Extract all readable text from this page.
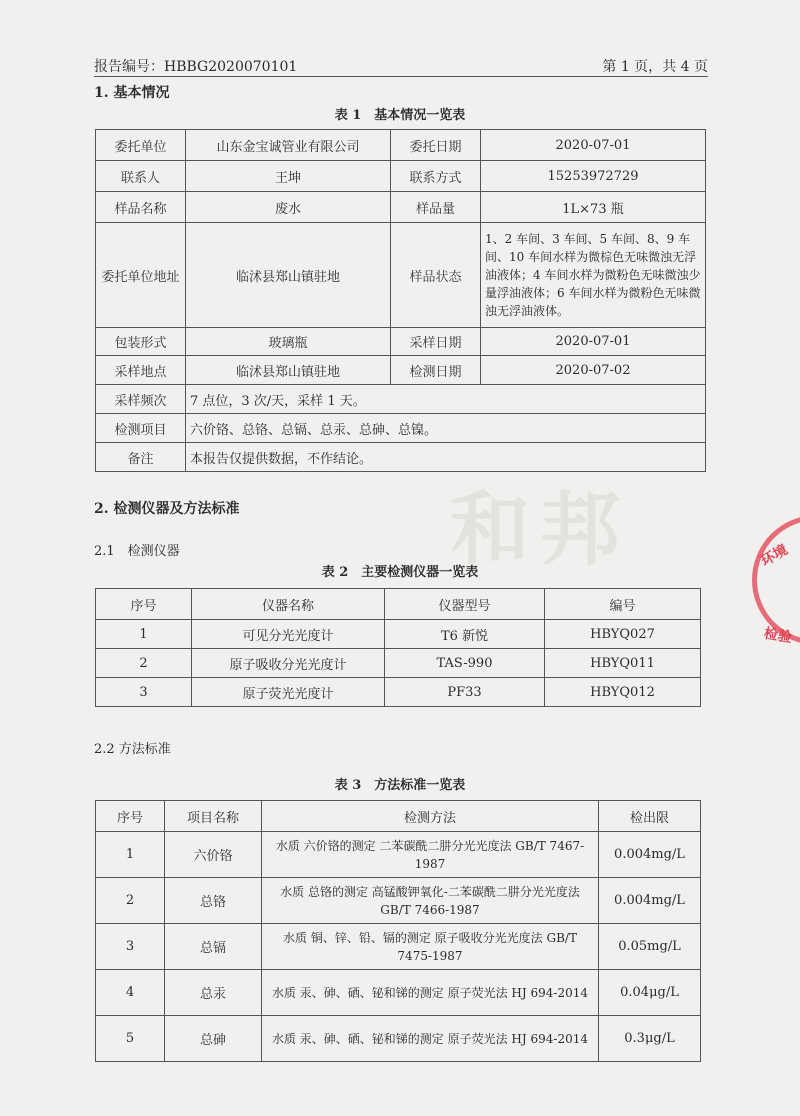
报告编号：HBBG2020070101	第 1 页，共 4 页
和邦
1. 基本情况
表 1　基本情况一览表
委托单位	山东金宝诚管业有限公司	委托日期	2020-07-01
联系人	王坤	联系方式	15253972729
样品名称	废水	样品量	1L×73 瓶
委托单位地址	临沭县郑山镇驻地	样品状态	1、2 车间、3 车间、5 车间、8、9 车间、10 车间水样为微棕色无味微浊无浮油液体；4 车间水样为微粉色无味微浊少量浮油液体；6 车间水样为微粉色无味微浊无浮油液体。
包装形式	玻璃瓶	采样日期	2020-07-01
采样地点	临沭县郑山镇驻地	检测日期	2020-07-02
采样频次	7 点位，3 次/天，采样 1 天。		
检测项目	六价铬、总铬、总镉、总汞、总砷、总镍。		
备注	本报告仅提供数据，不作结论。		
2. 检测仪器及方法标准
2.1　检测仪器
表 2　主要检测仪器一览表
序号	仪器名称	仪器型号	编号
1	可见分光光度计	T6 新悦	HBYQ027
2	原子吸收分光光度计	TAS-990	HBYQ011
3	原子荧光光度计	PF33	HBYQ012
2.2 方法标准
表 3　方法标准一览表
序号	项目名称	检测方法	检出限
1	六价铬	水质 六价铬的测定 二苯碳酰二肼分光光度法 GB/T 7467-1987	0.004mg/L
2	总铬	水质 总铬的测定 高锰酸钾氧化-二苯碳酰二肼分光光度法 GB/T 7466-1987	0.004mg/L
3	总镉	水质 铜、锌、铅、镉的测定 原子吸收分光光度法 GB/T 7475-1987	0.05mg/L
4	总汞	水质 汞、砷、硒、铋和锑的测定 原子荧光法 HJ 694-2014	0.04μg/L
5	总砷	水质 汞、砷、硒、铋和锑的测定 原子荧光法 HJ 694-2014	0.3μg/L
环境
检验
